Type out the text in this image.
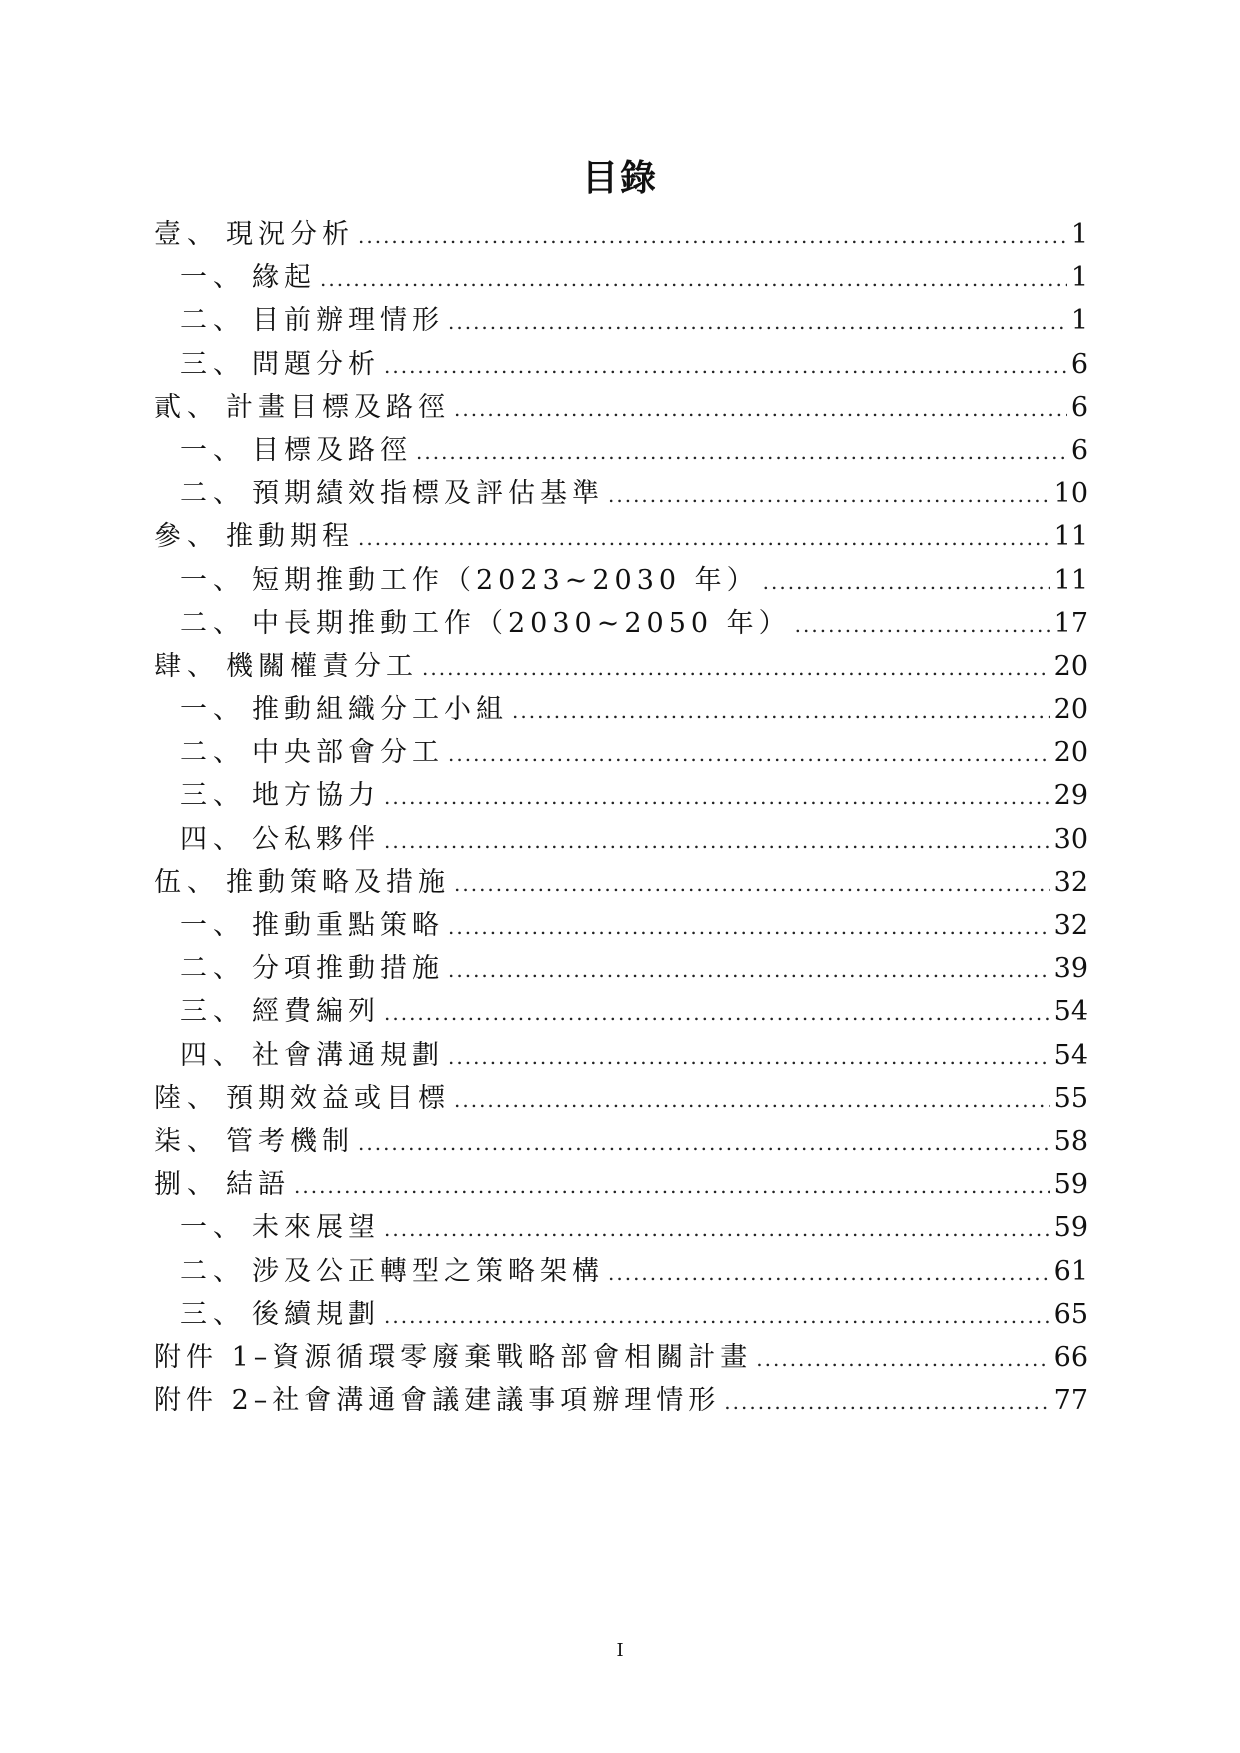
目錄
壹、 現況分析 .....	1
一、 緣起 .....	1
二、 目前辦理情形 .....	1
三、 問題分析 .....	6
貳、 計畫目標及路徑 .....	6
一、 目標及路徑 .....	6
二、 預期績效指標及評估基準 .....	10
參、 推動期程 .....	11
一、 短期推動工作（2023~2030 年） .....	11
二、 中長期推動工作（2030~2050 年） .....	17
肆、 機關權責分工 .....	20
一、 推動組織分工小組 .....	20
二、 中央部會分工 .....	20
三、 地方協力 .....	29
四、 公私夥伴 .....	30
伍、 推動策略及措施 .....	32
一、 推動重點策略 .....	32
二、 分項推動措施 .....	39
三、 經費編列 .....	54
四、 社會溝通規劃 .....	54
陸、 預期效益或目標 .....	55
柒、 管考機制 .....	58
捌、 結語 .....	59
一、 未來展望 .....	59
二、 涉及公正轉型之策略架構 .....	61
三、 後續規劃 .....	65
附件 1–資源循環零廢棄戰略部會相關計畫 .....	66
附件 2–社會溝通會議建議事項辦理情形 .....	77
I
